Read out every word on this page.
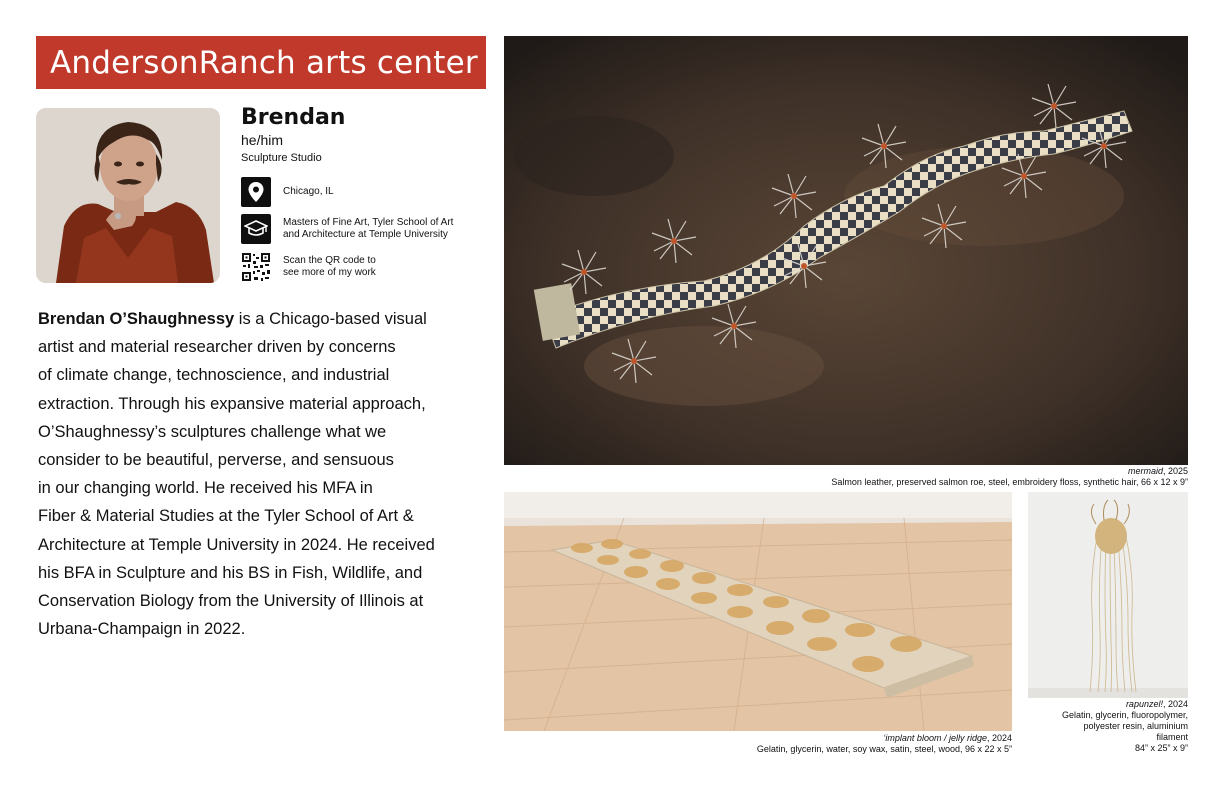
AndersonRanch arts center
Brendan
he/him
Sculpture Studio
Chicago, IL
Masters of Fine Art, Tyler School of Art
and Architecture at Temple University
Scan the QR code to
see more of my work
Brendan O’Shaughnessy is a Chicago-based visual
artist and material researcher driven by concerns
of climate change, technoscience, and industrial
extraction. Through his expansive material approach,
O’Shaughnessy’s sculptures challenge what we
consider to be beautiful, perverse, and sensuous
in our changing world. He received his MFA in
Fiber & Material Studies at the Tyler School of Art &
Architecture at Temple University in 2024. He received
his BFA in Sculpture and his BS in Fish, Wildlife, and
Conservation Biology from the University of Illinois at
Urbana-Champaign in 2022.
mermaid, 2025
Salmon leather, preserved salmon roe, steel, embroidery floss, synthetic hair, 66 x 12 x 9”
‘implant bloom / jelly ridge, 2024
Gelatin, glycerin, water, soy wax, satin, steel, wood, 96 x 22 x 5”
rapunzel!, 2024
Gelatin, glycerin, fluoropolymer,
polyester resin, aluminium
filament
84” x 25” x 9”
